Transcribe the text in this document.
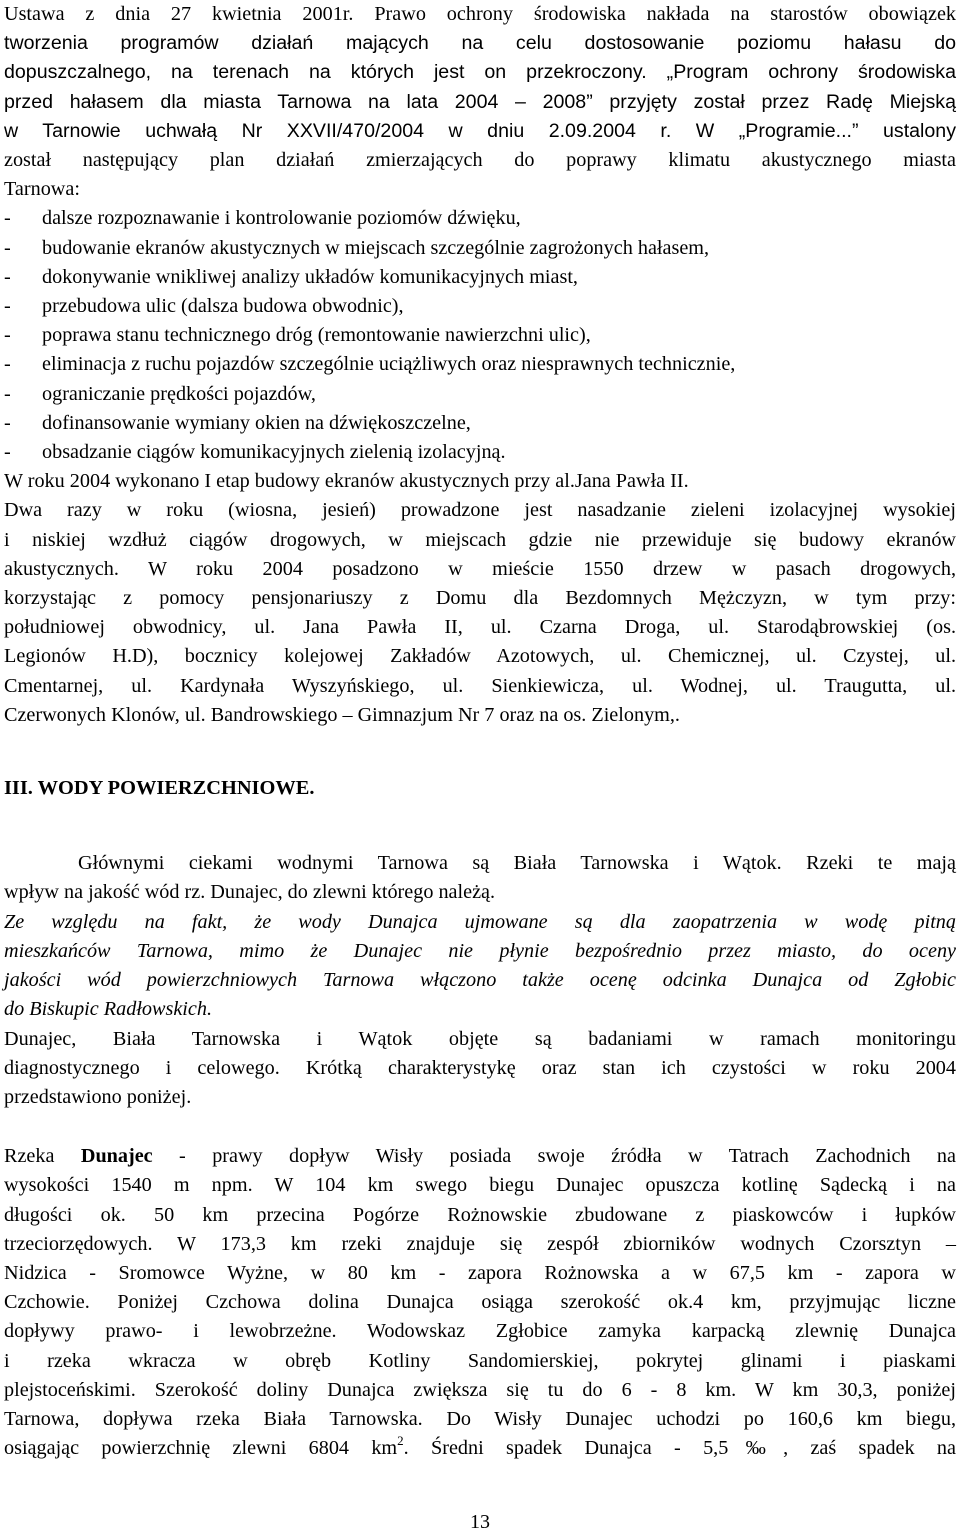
Ustawa z dnia 27 kwietnia 2001r. Prawo ochrony środowiska nakłada na starostów obowiązek
tworzenia programów działań mających na celu dostosowanie poziomu hałasu do
dopuszczalnego, na terenach na których jest on przekroczony. „Program ochrony środowiska
przed hałasem dla miasta Tarnowa na lata 2004 – 2008” przyjęty został przez Radę Miejską
w Tarnowie uchwałą Nr XXVII/470/2004 w dniu 2.09.2004 r. W „Programie...” ustalony
został następujący plan działań zmierzających do poprawy klimatu akustycznego miasta
Tarnowa:

-	dalsze rozpoznawanie i kontrolowanie poziomów dźwięku,
-	budowanie ekranów akustycznych w miejscach szczególnie zagrożonych hałasem,
-	dokonywanie wnikliwej analizy układów komunikacyjnych miast,
-	przebudowa ulic (dalsza budowa obwodnic),
-	poprawa stanu technicznego dróg (remontowanie nawierzchni ulic),
-	eliminacja z ruchu pojazdów szczególnie uciążliwych oraz niesprawnych technicznie,
-	ograniczanie prędkości pojazdów,
-	dofinansowanie wymiany okien na dźwiękoszczelne,
-	obsadzanie ciągów komunikacyjnych zielenią izolacyjną.

W roku 2004 wykonano I etap budowy ekranów akustycznych przy al.Jana Pawła II.

Dwa razy w roku (wiosna, jesień) prowadzone jest nasadzanie zieleni izolacyjnej wysokiej
i niskiej wzdłuż ciągów drogowych, w miejscach gdzie nie przewiduje się budowy ekranów
akustycznych. W roku 2004 posadzono w mieście 1550 drzew w pasach drogowych,
korzystając z pomocy pensjonariuszy z Domu dla Bezdomnych Mężczyzn, w tym przy:
południowej obwodnicy, ul. Jana Pawła II, ul. Czarna Droga, ul. Starodąbrowskiej (os.
Legionów H.D), bocznicy kolejowej Zakładów Azotowych, ul. Chemicznej, ul. Czystej, ul.
Cmentarnej, ul. Kardynała Wyszyńskiego, ul. Sienkiewicza, ul. Wodnej, ul. Traugutta, ul.
Czerwonych Klonów, ul. Bandrowskiego – Gimnazjum Nr 7 oraz na os. Zielonym,.

III. WODY POWIERZCHNIOWE.

Głównymi ciekami wodnymi Tarnowa są Biała Tarnowska i Wątok. Rzeki te mają
wpływ na jakość wód rz. Dunajec, do zlewni którego należą.

Ze względu na fakt, że wody Dunajca ujmowane są dla zaopatrzenia w wodę pitną
mieszkańców Tarnowa, mimo że Dunajec nie płynie bezpośrednio przez miasto, do oceny
jakości wód powierzchniowych Tarnowa włączono także ocenę odcinka Dunajca od Zgłobic
do Biskupic Radłowskich.

Dunajec, Biała Tarnowska i Wątok objęte są badaniami w ramach monitoringu
diagnostycznego i celowego. Krótką charakterystykę oraz stan ich czystości w roku 2004
przedstawiono poniżej.

Rzeka Dunajec - prawy dopływ Wisły posiada swoje źródła w Tatrach Zachodnich na
wysokości 1540 m npm. W 104 km swego biegu Dunajec opuszcza kotlinę Sądecką i na
długości ok. 50 km przecina Pogórze Rożnowskie zbudowane z piaskowców i łupków
trzeciorzędowych. W 173,3 km rzeki znajduje się zespół zbiorników wodnych Czorsztyn –
Nidzica - Sromowce Wyżne, w 80 km - zapora Rożnowska a w 67,5 km - zapora w
Czchowie. Poniżej Czchowa dolina Dunajca osiąga szerokość ok.4 km, przyjmując liczne
dopływy prawo- i lewobrzeżne. Wodowskaz Zgłobice zamyka karpacką zlewnię Dunajca
i rzeka wkracza w obręb Kotliny Sandomierskiej, pokrytej glinami i piaskami
plejstoceńskimi. Szerokość doliny Dunajca zwiększa się tu do 6 - 8 km. W km 30,3, poniżej
Tarnowa, dopływa rzeka Biała Tarnowska. Do Wisły Dunajec uchodzi po 160,6 km biegu,
osiągając powierzchnię zlewni 6804 $km^2$. Średni spadek Dunajca - 5,5‰, zaś spadek na

13
